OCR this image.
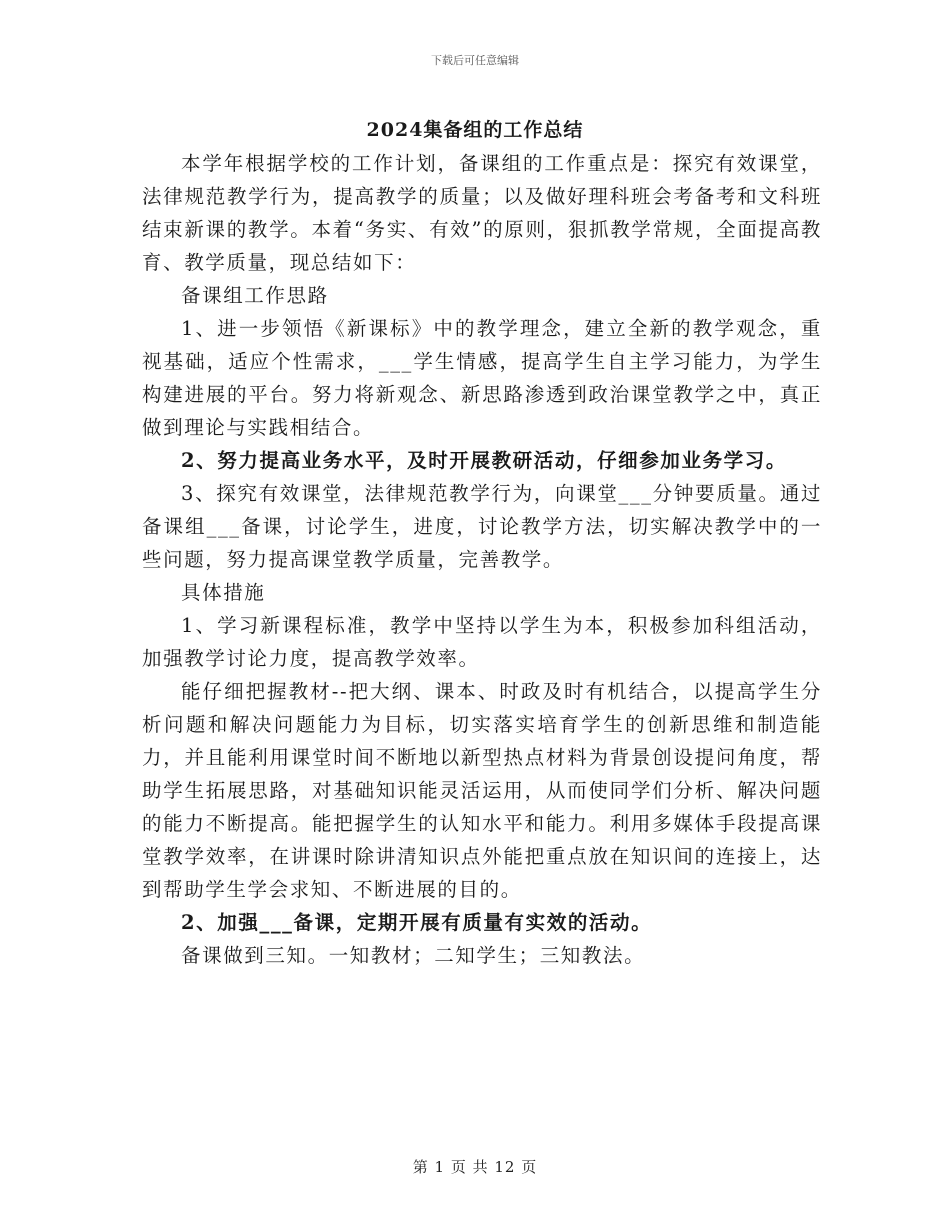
下载后可任意编辑
2024集备组的工作总结

本学年根据学校的工作计划，备课组的工作重点是：探究有效课堂，法律规范教学行为，提高教学的质量；以及做好理科班会考备考和文科班结束新课的教学。本着“务实、有效”的原则，狠抓教学常规，全面提高教育、教学质量，现总结如下：

备课组工作思路

1、进一步领悟《新课标》中的教学理念，建立全新的教学观念，重视基础，适应个性需求，___学生情感，提高学生自主学习能力，为学生构建进展的平台。努力将新观念、新思路渗透到政治课堂教学之中，真正做到理论与实践相结合。

2、努力提高业务水平，及时开展教研活动，仔细参加业务学习。

3、探究有效课堂，法律规范教学行为，向课堂___分钟要质量。通过备课组___备课，讨论学生，进度，讨论教学方法，切实解决教学中的一些问题，努力提高课堂教学质量，完善教学。

具体措施

1、学习新课程标准，教学中坚持以学生为本，积极参加科组活动，加强教学讨论力度，提高教学效率。

能仔细把握教材--把大纲、课本、时政及时有机结合，以提高学生分析问题和解决问题能力为目标，切实落实培育学生的创新思维和制造能力，并且能利用课堂时间不断地以新型热点材料为背景创设提问角度，帮助学生拓展思路，对基础知识能灵活运用，从而使同学们分析、解决问题的能力不断提高。能把握学生的认知水平和能力。利用多媒体手段提高课堂教学效率，在讲课时除讲清知识点外能把重点放在知识间的连接上，达到帮助学生学会求知、不断进展的目的。

2、加强___备课，定期开展有质量有实效的活动。

备课做到三知。一知教材；二知学生；三知教法。

第 1 页 共 12 页
